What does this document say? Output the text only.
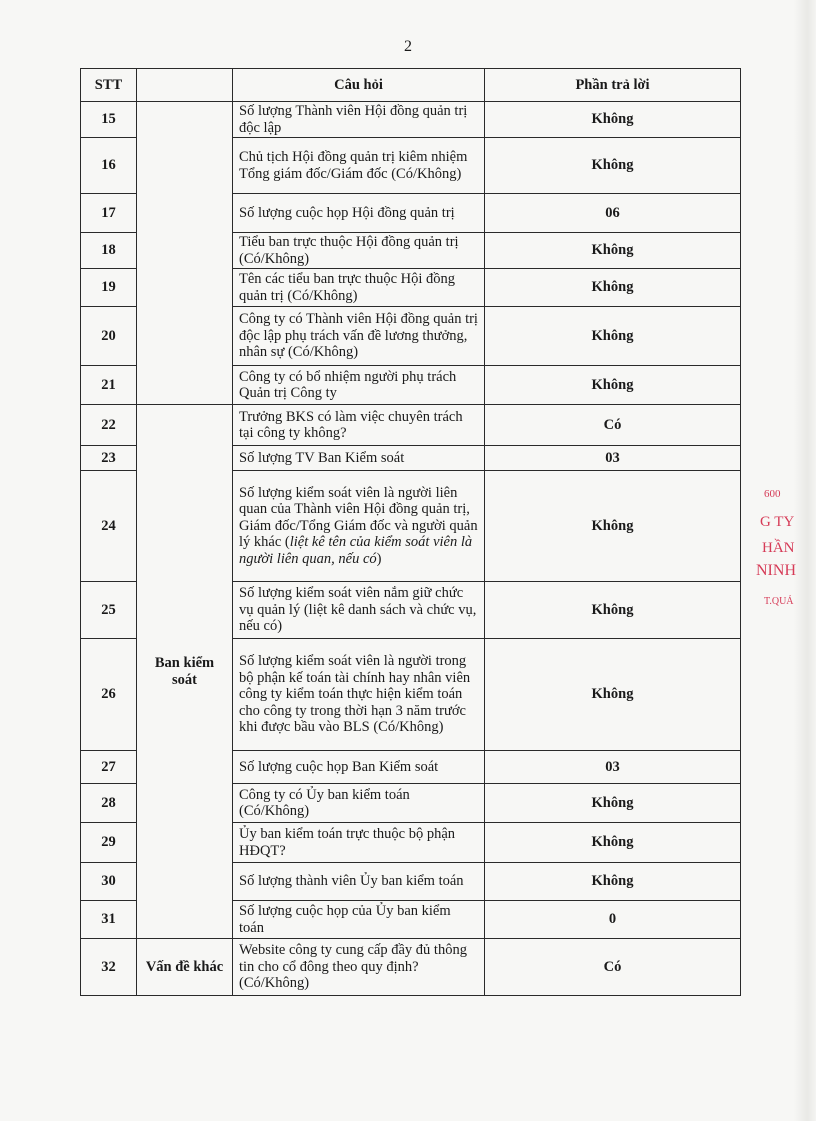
2
STT		Câu hỏi	Phần trả lời
15		Số lượng Thành viên Hội đồng quản trị độc lập	Không
16		Chủ tịch Hội đồng quản trị kiêm nhiệm Tổng giám đốc/Giám đốc (Có/Không)	Không
17		Số lượng cuộc họp Hội đồng quản trị	06
18		Tiểu ban trực thuộc Hội đồng quản trị (Có/Không)	Không
19		Tên các tiểu ban trực thuộc Hội đồng quản trị (Có/Không)	Không
20		Công ty có Thành viên Hội đồng quản trị độc lập phụ trách vấn đề lương thưởng, nhân sự (Có/Không)	Không
21		Công ty có bổ nhiệm người phụ trách Quản trị Công ty	Không
22	Ban kiểm soát	Trưởng BKS có làm việc chuyên trách tại công ty không?	Có
23		Số lượng TV Ban Kiểm soát	03
24		Số lượng kiểm soát viên là người liên quan của Thành viên Hội đồng quản trị, Giám đốc/Tổng Giám đốc và người quản lý khác (liệt kê tên của kiểm soát viên là người liên quan, nếu có)	Không
25		Số lượng kiểm soát viên nắm giữ chức vụ quản lý (liệt kê danh sách và chức vụ, nếu có)	Không
26		Số lượng kiểm soát viên là người trong bộ phận kế toán tài chính hay nhân viên công ty kiểm toán thực hiện kiểm toán cho công ty trong thời hạn 3 năm trước khi được bầu vào BLS (Có/Không)	Không
27		Số lượng cuộc họp Ban Kiểm soát	03
28		Công ty có Ủy ban kiểm toán (Có/Không)	Không
29		Ủy ban kiểm toán trực thuộc bộ phận HĐQT?	Không
30		Số lượng thành viên Ủy ban kiểm toán	Không
31		Số lượng cuộc họp của Ủy ban kiểm toán	0
32	Vấn đề khác	Website công ty cung cấp đầy đủ thông tin cho cổ đông theo quy định? (Có/Không)	Có
600
G TY
HẦN
NINH
T.QUẢ
